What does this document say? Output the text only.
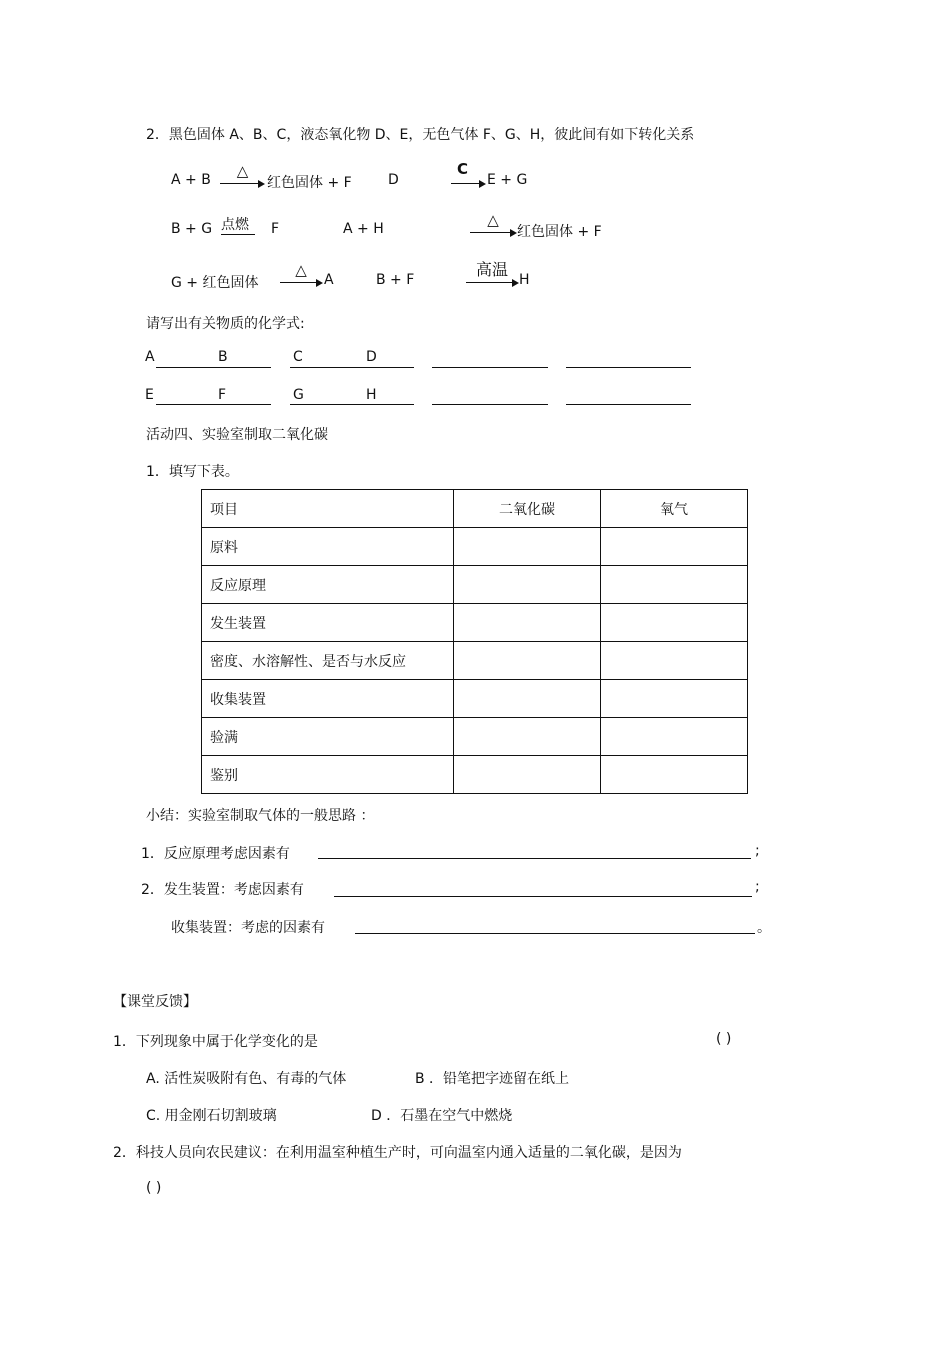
2．黑色固体 A、B、C，液态氧化物 D、E，无色气体 F、G、H，彼此间有如下转化关系
A + B	△
红色固体 + F	D
C
E + G
B + G 点燃	F	A + H	△
红色固体 + F
G + 红色固体
△
A	B + F
高温
H
请写出有关物质的化学式:
A	B	C	D
E	F	G	H
活动四、实验室制取二氧化碳
1．填写下表。
项目	二氧化碳	氧气
原料		
反应原理		
发生装置		
密度、水溶解性、是否与水反应		
收集装置		
验满		
鉴别		
小结：实验室制取气体的一般思路 ：
1．反应原理考虑因素有	;
2．发生装置：考虑因素有	;
收集装置：考虑的因素有	。
【课堂反馈】
1．下列现象中属于化学变化的是	( )
A. 活性炭吸附有色、有毒的气体	B ．铅笔把字迹留在纸上
C. 用金刚石切割玻璃	D ．石墨在空气中燃烧
2．科技人员向农民建议：在利用温室种植生产时，可向温室内通入适量的二氧化碳，是因为
( )
